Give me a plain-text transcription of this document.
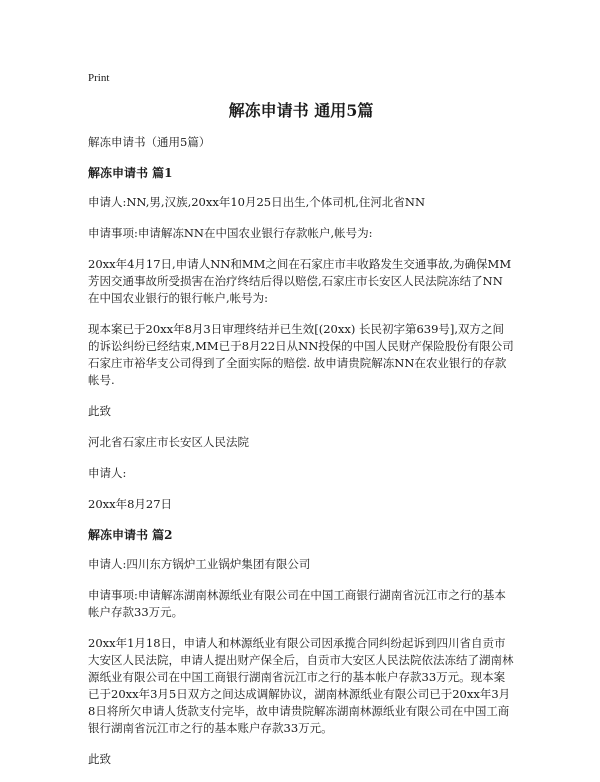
Print
解冻申请书 通用5篇

解冻申请书（通用5篇）

解冻申请书 篇1

申请人:NN,男,汉族,20xx年10月25日出生,个体司机,住河北省NN

申请事项:申请解冻NN在中国农业银行存款帐户,帐号为:

20xx年4月17日,申请人NN和MM之间在石家庄市丰收路发生交通事故,为确保MM芳因交通事故所受损害在治疗终结后得以赔偿,石家庄市长安区人民法院冻结了NN在中国农业银行的银行帐户,帐号为:

现本案已于20xx年8月3日审理终结并已生效[(20xx) 长民初字第639号],双方之间的诉讼纠纷已经结束,MM已于8月22日从NN投保的中国人民财产保险股份有限公司石家庄市裕华支公司得到了全面实际的赔偿. 故申请贵院解冻NN在农业银行的存款帐号.

此致

河北省石家庄市长安区人民法院

申请人:

20xx年8月27日

解冻申请书 篇2

申请人:四川东方锅炉工业锅炉集团有限公司

申请事项:申请解冻湖南林源纸业有限公司在中国工商银行湖南省沅江市之行的基本帐户存款33万元。

20xx年1月18日，申请人和林源纸业有限公司因承揽合同纠纷起诉到四川省自贡市大安区人民法院，申请人提出财产保全后，自贡市大安区人民法院依法冻结了湖南林源纸业有限公司在中国工商银行湖南省沅江市之行的基本帐户存款33万元。现本案已于20xx年3月5日双方之间达成调解协议，湖南林源纸业有限公司已于20xx年3月8日将所欠申请人货款支付完毕，故申请贵院解冻湖南林源纸业有限公司在中国工商银行湖南省沅江市之行的基本账户存款33万元。

此致
